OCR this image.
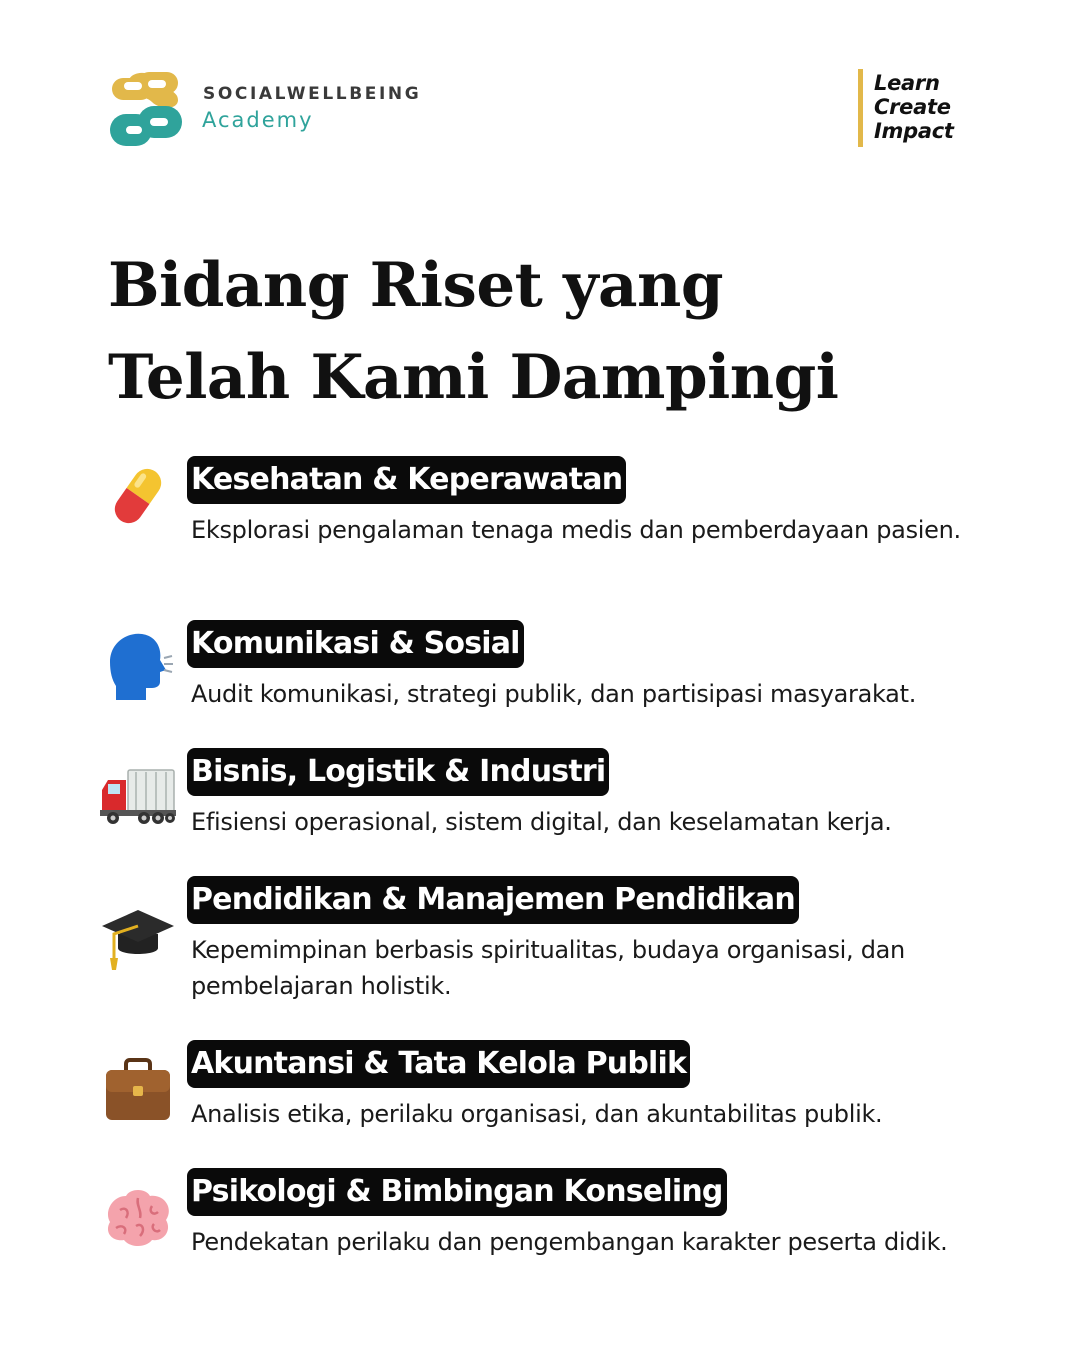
SOCIALWELLBEING
Academy
Learn
Create
Impact
Bidang Riset yang
Telah Kami Dampingi
Kesehatan & Keperawatan
Eksplorasi pengalaman tenaga medis dan pemberdayaan pasien.
Komunikasi & Sosial
Audit komunikasi, strategi publik, dan partisipasi masyarakat.
Bisnis, Logistik & Industri
Efisiensi operasional, sistem digital, dan keselamatan kerja.
Pendidikan & Manajemen Pendidikan
Kepemimpinan berbasis spiritualitas, budaya organisasi, dan pembelajaran holistik.
Akuntansi & Tata Kelola Publik
Analisis etika, perilaku organisasi, dan akuntabilitas publik.
Psikologi & Bimbingan Konseling
Pendekatan perilaku dan pengembangan karakter peserta didik.
